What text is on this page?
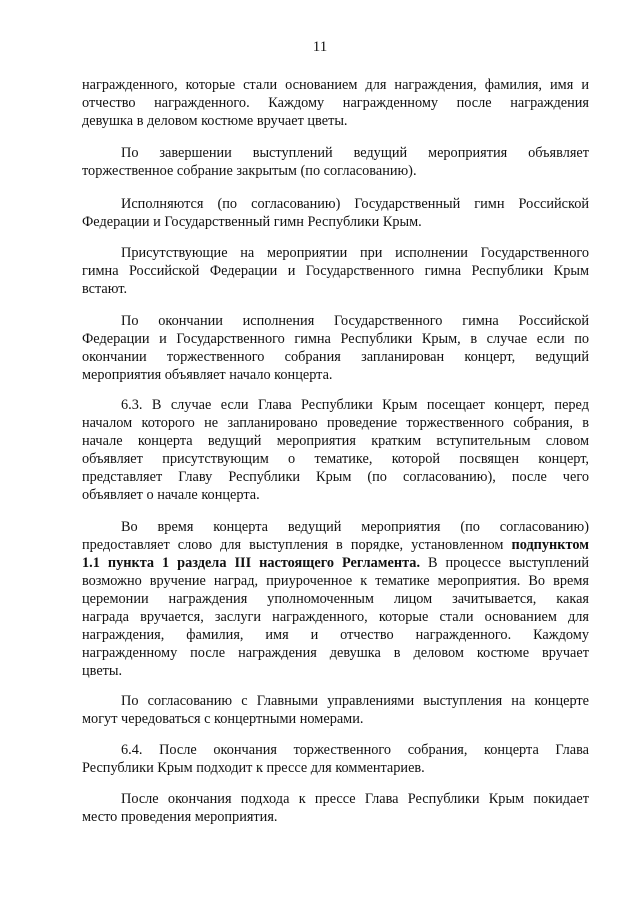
11
награжденного, которые стали основанием для награждения, фамилия, имя и
отчество награжденного. Каждому награжденному после награждения
девушка в деловом костюме вручает цветы.
По завершении выступлений ведущий мероприятия объявляет
торжественное собрание закрытым (по согласованию).
Исполняются (по согласованию) Государственный гимн Российской
Федерации и Государственный гимн Республики Крым.
Присутствующие на мероприятии при исполнении Государственного
гимна Российской Федерации и Государственного гимна Республики Крым
встают.
По окончании исполнения Государственного гимна Российской
Федерации и Государственного гимна Республики Крым, в случае если по
окончании торжественного собрания запланирован концерт, ведущий
мероприятия объявляет начало концерта.
6.3. В случае если Глава Республики Крым посещает концерт, перед
началом которого не запланировано проведение торжественного собрания, в
начале концерта ведущий мероприятия кратким вступительным словом
объявляет присутствующим о тематике, которой посвящен концерт,
представляет Главу Республики Крым (по согласованию), после чего
объявляет о начале концерта.
Во время концерта ведущий мероприятия (по согласованию)
предоставляет слово для выступления в порядке, установленном подпунктом
1.1 пункта 1 раздела III настоящего Регламента. В процессе выступлений
возможно вручение наград, приуроченное к тематике мероприятия. Во время
церемонии награждения уполномоченным лицом зачитывается, какая
награда вручается, заслуги награжденного, которые стали основанием для
награждения, фамилия, имя и отчество награжденного. Каждому
награжденному после награждения девушка в деловом костюме вручает
цветы.
По согласованию с Главными управлениями выступления на концерте
могут чередоваться с концертными номерами.
6.4. После окончания торжественного собрания, концерта Глава
Республики Крым подходит к прессе для комментариев.
После окончания подхода к прессе Глава Республики Крым покидает
место проведения мероприятия.
